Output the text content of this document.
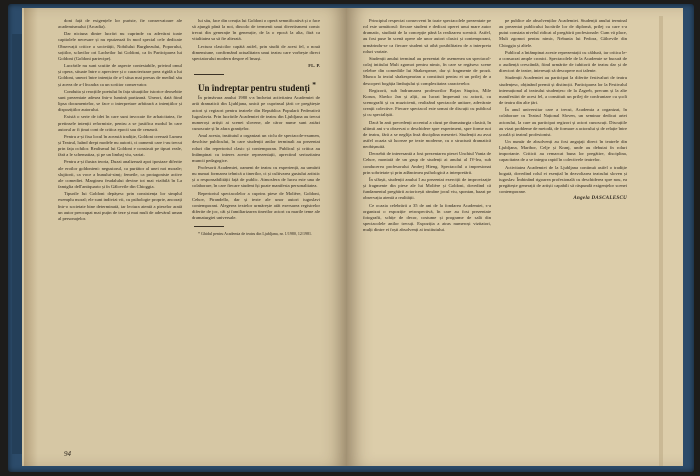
doni față de exigențele lor puriste, fie conservatoare ale academismului (Arcadia).

Dar niciuna dintre lucrări nu cuprinde cu adevărat toate capitolele necesare și nu epuizează în mod special cele dedicate Observații critice a societății, Nobilului Burghezului, Poporului, soțiilor, sclavilor ori Lacheilor lui Goldoni, ca în Participarea lui Goldoni (Goldoni partecipe).

Lucrările nu sunt scutite de aspecte contestabile, privind omul și opera, situate între o apreciere și o caracterizare prea rigidă a lui Goldoni, uneori între intenția de a-l situa mai presus de mediul său și aceea de a-l încadra ca un scriitor conservator.

Conduita și reacțiile poetului în fața situațiilor istorice deosebite sunt prezentate adesea într-o lumină partizană. Uneori, dată fiind lipsa documentelor, se face o interpretare arbitrară a intențiilor și dispozițiilor autorului.

Există o serie de idei în care sunt invocate fie arhaicitatea, fie pretinsele intenții reformiste, pentru a se justifica modul în care autorul ar fi ținut cont de critica epocii sau de cenzură.

Pentru a-și fixa locul în această tradiție, Goldoni creează Lumea și Teatrul, luând drept modele nu autorii, ci oamenii care i-au trecut prin fața ochilor. Realismul lui Goldoni e construit pe tipuri reale, fără a le schematiza, și pe un limbaj viu, variat.

Pentru a-și ilustra teoria, Duzzi analizează apoi ipostaze diferite ale eroilor goldonieni: negustorul, ca purtător al unei noi morale; slujitorii, ca voce a bunului-simț; femeile, ca protagoniste active ale comediei. Marginea feudalului devine tot mai vizibilă în La famiglia dell'antiquario și în Gâlcevile din Chioggia.

Tipurile Iui Goldoni depășesc prin consistența lor simplul exemplu moral; ele sunt indivizi vii, cu psihologie proprie, ancorați într-o societate bine determinată, iar lectura atentă a pieselor arată un autor preocupat mai puțin de teze și mai mult de adevărul uman al personajelor.

lui său, face din creația lui Goldoni o operă semnificativă și o face să ajungă până la noi, dincolo de termenii unui divertisment comic trecut din generație în generație, de la o epocă la alta, fără ca vitalitatea sa să fie alterată.

Lectura clasicilor capătă astfel, prin studii de acest fel, o nouă dimensiune, confirmând actualitatea unui teatru care vorbește direct spectatorului modern despre el însuși.

FL. P.

Un îndreptar pentru studenți *

În primăvara anului 1980 s-a încheiat activitatea Academiei de artă dramatică din Ljubljana, unică pe cuprinsul țării ce pregătește actori și regizori pentru teatrele din Republica Populară Federativă Iugoslavia. Prin lucrările Academiei de teatru din Ljubljana au trecut numeroși artiști ai scenei slovene, ale căror nume sunt astăzi cunoscute și în afara granițelor.

Anul acesta, institutul a organizat un ciclu de spectacole-examen, deschise publicului, în care studenții anilor terminali au prezentat roluri din repertoriul clasic și contemporan. Publicul și critica au întâmpinat cu interes aceste reprezentații, apreciind seriozitatea muncii pedagogice.

Profesorii Academiei, oameni de teatru cu experiență, au urmărit nu numai formarea tehnică a tinerilor, ci și cultivarea gustului artistic și a responsabilității față de public. Atmosfera de lucru este una de colaborare, în care fiecare student își poate manifesta personalitatea.

Repertoriul spectacolelor a cuprins piese de Molière, Goldoni, Cehov, Pirandello, dar și texte ale unor autori iugoslavi contemporani. Alegerea textelor urmărește atât exersarea registrelor diferite de joc, cât și familiarizarea tinerilor actori cu marile teme ale dramaturgiei universale.

* Ghidul pentru Academia de teatru din Ljubljana, nr. 1/1980, 12/1981.

94

Principiul respectat consecvent în toate spectacolele prezentate pe rol este următorul: fiecare student e dedicat operei unui mare autor dramatic, studiată de la concepție până la realizarea scenică. Astfel, au fost puse în scenă opere ale unor autori clasici și contemporani, urmărindu-se ca fiecare student să aibă posibilitatea de a interpreta roluri variate.

Studenții anului terminal au prezentat de asemenea un spectacol-colaj intitulat Mult zgomot pentru nimic, în care se regăsesc scene celebre din comediile lui Shakespeare, dar și fragmente de proză. Munca la textul shakespearian a constituit pentru ei un prilej de a descoperi bogăția limbajului și complexitatea caracterelor.

Regizorii, sub îndrumarea profesorilor Bojan Stupica, Mile Korun, Slavko Jan și alții, au lucrat împreună cu actorii, cu scenografii și cu muzicienii, realizând spectacole unitare, adevărate creații colective. Fiecare spectacol este urmat de discuții cu publicul și cu specialiștii.

Dacă în anii precedenți accentul a căzut pe dramaturgia clasică, în ultimii ani s-a observat o deschidere spre experiment, spre forme noi de teatru, fără a se neglija însă disciplina meseriei. Studenții au avut astfel ocazia să lucreze pe texte moderne, cu o structură dramatică neobișnuită.

Deosebit de interesantă a fost prezentarea piesei Unchiul Vania de Cehov, montată de un grup de studenți ai anului al IV-lea, sub conducerea profesorului Andrej Hieng. Spectacolul a impresionat prin sobrietate și prin adâncimea psihologică a interpretării.

În sfârșit, studenții anului I au prezentat exerciții de improvizație și fragmente din piese ale lui Molière și Goldoni, dovedind că fundamentul pregătirii actoricești rămâne jocul viu, spontan, bazat pe observația atentă a realității.

Ce ocazia celebrării a 35 de ani de la fondarea Academiei, s-a organizat o expoziție retrospectivă, în care au fost prezentate fotografii, schițe de decor, costume și programe de sală din spectacolele anilor trecuți. Expoziția a atras numeroși vizitatori, mulți dintre ei foști absolvenți ai institutului.

pe publice ale absolvenților Academiei. Studenții anului terminal au prezentat publicului lucrările lor de diplomă, prilej cu care s-a putut constata nivelul ridicat al pregătirii profesionale: Cum vă place, Mult zgomot pentru nimic, Nebunia lui Fedora, Gâlcevile din Chioggia și altele.

Publicul a întâmpinat aceste reprezentații cu căldură, iar critica le-a consacrat ample cronici. Spectacolele de la Academie se bucură de o audiență crescândă, fiind urmărite de iubitorii de teatru dar și de directori de teatre, interesați să descopere noi talente.

Studenții Academiei au participat la diferite festivaluri de teatru studențesc, obținând premii și distincții. Participarea lor la Festivalul internațional al teatrului studențesc de la Zagreb, precum și la alte manifestări de acest fel, a constituit un prilej de confruntare cu școli de teatru din alte țări.

În anul universitar care a trecut, Academia a organizat, în colaborare cu Teatrul Național Sloven, un seminar dedicat artei actorului, la care au participat regizori și actori cunoscuți. Discuțiile au vizat probleme de metodă, de formare a actorului și de relație între școală și teatrul profesionist.

Un număr de absolvenți au fost angajați direct în teatrele din Ljubljana, Maribor, Celje și Kranj, unde au debutat în roluri importante. Criticii au remarcat buna lor pregătire, disciplina, capacitatea de a se integra rapid în colectivele teatrelor.

Activitatea Academiei de la Ljubljana continuă astfel o tradiție bogată, dovedind rolul ei esențial în dezvoltarea teatrului sloven și iugoslav. Îmbinând rigoarea profesională cu deschiderea spre nou, ea pregătește generații de artiști capabili să răspundă exigențelor scenei contemporane.

Angela DASCALESCU
